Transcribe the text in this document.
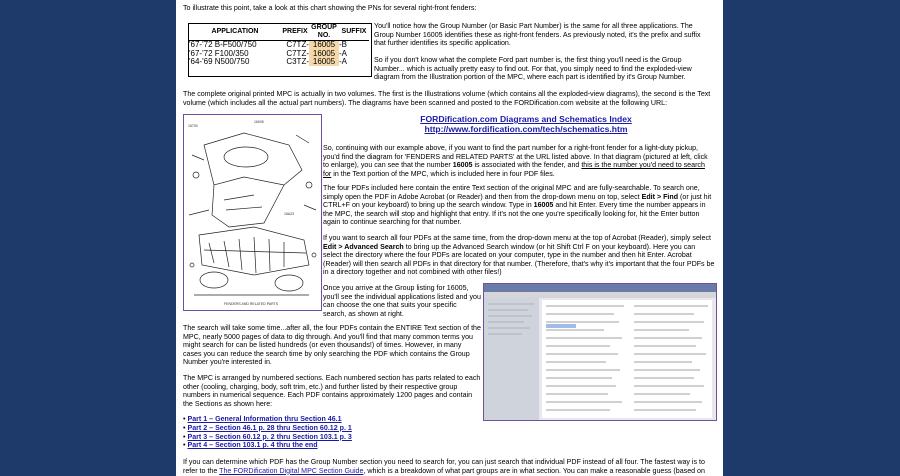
To illustrate this point, take a look at this chart showing the PNs for several right-front fenders:

APPLICATION	PREFIX	GROUP NO.	SUFFIX
'67-'72 B-F500/750	C7TZ-	16005	-B
'67-'72 F100/350	C7TZ-	16005	-A
'64-'69 N500/750	C3TZ-	16005	-A

You'll notice how the Group Number (or Basic Part Number) is the same for all three applications. The Group Number 16005 identifies these as right-front fenders. As previously noted, it's the prefix and suffix that further identifies its specific application.

So if you don't know what the complete Ford part number is, the first thing you'll need is the Group Number... which is actually pretty easy to find out. For that, you simply need to find the exploded-view diagram from the Illustration portion of the MPC, where each part is identified by it's Group Number.

The complete original printed MPC is actually in two volumes. The first is the Illustrations volume (which contains all the exploded-view diagrams), the second is the Text volume (which includes all the actual part numbers). The diagrams have been scanned and posted to the FORDification.com website at the following URL:

16005
16700
16A23
FENDERS AND RELATED PARTS
FORDification.com Diagrams and Schematics Index
http://www.fordification.com/tech/schematics.htm

So, continuing with our example above, if you want to find the part number for a right-front fender for a light-duty pickup, you'd find the diagram for 'FENDERS and RELATED PARTS' at the URL listed above. In that diagram (pictured at left, click to enlarge), you can see that the number 16005 is associated with the fender, and this is the number you'd need to search for in the Text portion of the MPC, which is included here in four PDF files.

The four PDFs included here contain the entire Text section of the original MPC and are fully-searchable. To search one, simply open the PDF in Adobe Acrobat (or Reader) and then from the drop-down menu on top, select Edit > Find (or just hit CTRL+F on your keyboard) to bring up the search window. Type in 16005 and hit Enter. Every time the number appears in the MPC, the search will stop and highlight that entry. If it's not the one you're specifically looking for, hit the Enter button again to continue searching for that number.

If you want to search all four PDFs at the same time, from the drop-down menu at the top of Acrobat (Reader), simply select Edit > Advanced Search to bring up the Advanced Search window (or hit Shift Ctrl F on your keyboard). Here you can select the directory where the four PDFs are located on your computer, type in the number and then hit Enter. Acrobat (Reader) will then search all PDFs in that directory for that number. (Therefore, that's why it's important that the four PDFs be in a directory together and not combined with other files!)

Once you arrive at the Group listing for 16005, you'll see the individual applications listed and you can choose the one that suits your specific search, as shown at right.

The search will take some time...after all, the four PDFs contain the ENTIRE Text section of the MPC, nearly 5000 pages of data to dig through. And you'll find that many common terms you might search for can be listed hundreds (or even thousands!) of times. However, in many cases you can reduce the search time by only searching the PDF which contains the Group Number you're interested in.

The MPC is arranged by numbered sections. Each numbered section has parts related to each other (cooling, charging, body, soft trim, etc.) and further listed by their respective group numbers in numerical sequence. Each PDF contains approximately 1200 pages and contain the Sections as shown here:

• Part 1 – General Information thru Section 46.1
• Part 2 – Section 46.1 p. 28 thru Section 60.12 p. 1
• Part 3 – Section 60.12 p. 2 thru Section 103.1 p. 3
• Part 4 – Section 103.1 p. 4 thru the end

If you can determine which PDF has the Group Number section you need to search for, you can just search that individual PDF instead of all four. The fastest way is to refer to the The FORDification Digital MPC Section Guide, which is a breakdown of what part groups are in what section. You can make a reasonable guess (based on
